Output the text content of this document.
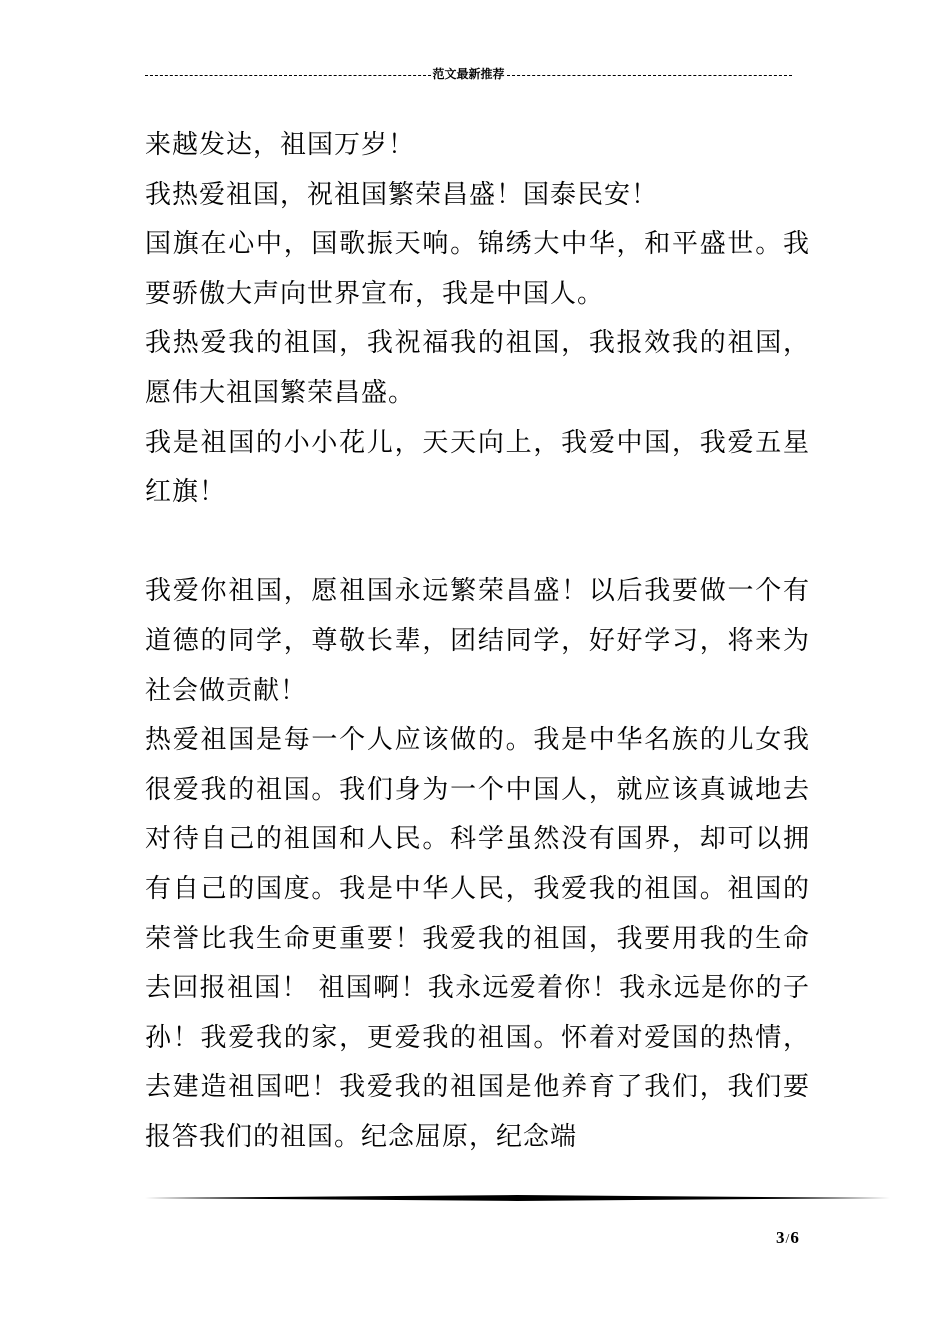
范文最新推荐

来越发达，祖国万岁！

我热爱祖国，祝祖国繁荣昌盛！国泰民安！

国旗在心中，国歌振天响。锦绣大中华，和平盛世。我要骄傲大声向世界宣布，我是中国人。

我热爱我的祖国，我祝福我的祖国，我报效我的祖国，愿伟大祖国繁荣昌盛。

我是祖国的小小花儿，天天向上，我爱中国，我爱五星红旗！

我爱你祖国，愿祖国永远繁荣昌盛！以后我要做一个有道德的同学，尊敬长辈，团结同学，好好学习，将来为社会做贡献！

热爱祖国是每一个人应该做的。我是中华名族的儿女我很爱我的祖国。我们身为一个中国人，就应该真诚地去对待自己的祖国和人民。科学虽然没有国界，却可以拥有自己的国度。我是中华人民，我爱我的祖国。祖国的荣誉比我生命更重要！我爱我的祖国，我要用我的生命去回报祖国！ 祖国啊！我永远爱着你！我永远是你的子孙！我爱我的家，更爱我的祖国。怀着对爱国的热情，去建造祖国吧！我爱我的祖国是他养育了我们，我们要报答我们的祖国。纪念屈原，纪念端

3/6
